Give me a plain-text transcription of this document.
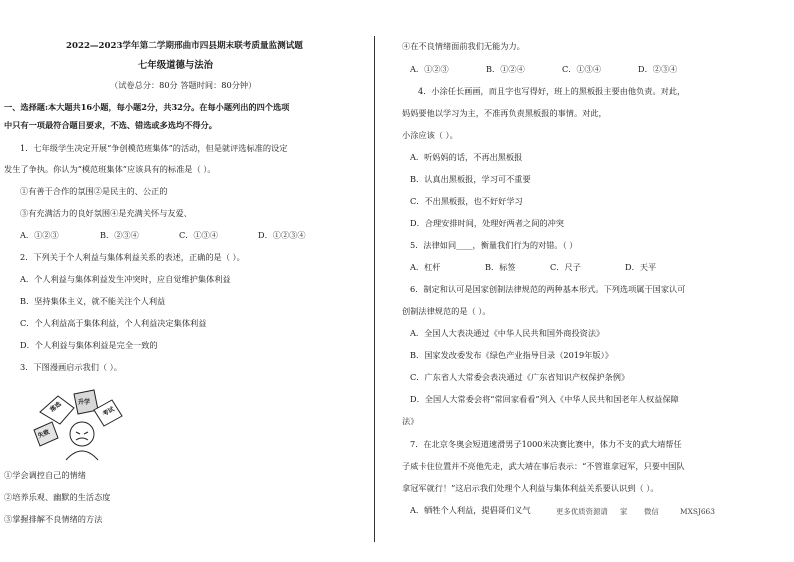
2022—2023学年第二学期邢曲市四县期末联考质量监测试题
七年级道德与法治
（试卷总分：80分 答题时间：80分钟）
一、选择题:本大题共16小题，每小题2分，共32分。在每小题列出的四个选项
中只有一项最符合题目要求，不选、错选或多选均不得分。
1．七年级学生决定开展“争创模范班集体”的活动，但是就评选标准的设定
发生了争执。你认为“模范班集体”应该具有的标准是（ ）。
①有善于合作的氛围②是民主的、公正的
③有充满活力的良好氛围④是充满关怀与友爱、
A．①②③	B．②③④	C．①③④	D．①②③④
2．下列关于个人利益与集体利益关系的表述，正确的是（ ）。
A．个人利益与集体利益发生冲突时，应自觉维护集体利益
B．坚持集体主义，就不能关注个人利益
C．个人利益高于集体利益，个人利益决定集体利益
D．个人利益与集体利益是完全一致的
3．下图漫画启示我们（ ）。
落选	升学
考试
失败
①学会调控自己的情绪
②培养乐观、幽默的生活态度
③掌握排解不良情绪的方法
④在不良情绪面前我们无能为力。
A．①②③	B．①②④	C．①③④	D．②③④
4．小涂任长画画，而且字也写得好，班上的黑板报主要由他负责。对此，
妈妈要他以学习为主，不准再负责黑板报的事情。对此，
小涂应该（ ）。
A．听妈妈的话，不再出黑板报
B．认真出黑板报，学习可不重要
C．不出黑板报，也不好好学习
D．合理安排时间，处理好两者之间的冲突
5．法律如同____，衡量我们行为的对错。（ ）
A．杠杆	B．标签	C．尺子	D．天平
6．制定和认可是国家创制法律规范的两种基本形式。下列选项属于国家认可
创制法律规范的是（ ）。
A．全国人大表决通过《中华人民共和国外商投资法》
B．国家发改委发布《绿色产业指导目录（2019年版）》
C．广东省人大常委会表决通过《广东省知识产权保护条例》
D．全国人大常委会将“常回家看看”列入《中华人民共和国老年人权益保障
法》
7．在北京冬奥会短道速滑男子1000米决赛比赛中，体力不支的武大靖帮任
子威卡住位置并不亮他先走，武大靖在事后表示：“不管谁拿冠军，只要中国队
拿冠军就行！”这启示我们处理个人利益与集体利益关系要认识到（ ）。
A．牺牲个人利益，提倡哥们义气	更多优质资源请 家 微信	MXSJ663
